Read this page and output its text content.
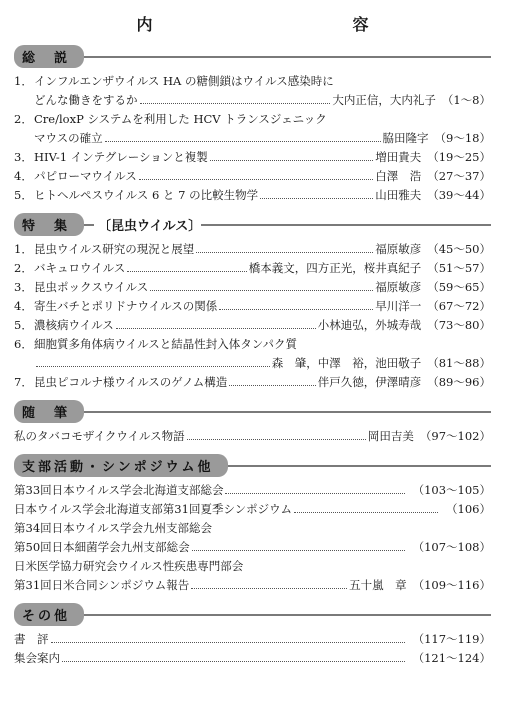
内　　容
総　説
1． インフルエンザウイルス HA の糖側鎖はウイルス感染時に
どんな働きをするか	大内正信，大内礼子 （1～8）
2． Cre/loxP システムを利用した HCV トランスジェニック
マウスの確立	脇田隆字 （9～18）
3． HIV-1 インテグレーションと複製	増田貴夫 （19～25）
4． パピローマウイルス	白澤　浩 （27～37）
5． ヒトヘルペスウイルス 6 と 7 の比較生物学	山田雅夫 （39～44）
特　集	〔昆虫ウイルス〕
1． 昆虫ウイルス研究の現況と展望	福原敏彦 （45～50）
2． バキュロウイルス	橋本義文，四方正光，桜井真紀子 （51～57）
3． 昆虫ポックスウイルス	福原敏彦 （59～65）
4． 寄生バチとポリドナウイルスの関係	早川洋一 （67～72）
5． 濃核病ウイルス	小林迪弘，外城寿哉 （73～80）
6． 細胞質多角体病ウイルスと結晶性封入体タンパク質
森　肇，中澤　裕，池田敬子 （81～88）
7． 昆虫ピコルナ様ウイルスのゲノム構造	伴戸久徳，伊澤晴彦 （89～96）
随　筆
私のタバコモザイクウイルス物語	岡田吉美 （97～102）
支部活動・シンポジウム他
第33回日本ウイルス学会北海道支部総会	（103～105）
日本ウイルス学会北海道支部第31回夏季シンポジウム	（106）
第34回日本ウイルス学会九州支部総会
第50回日本細菌学会九州支部総会	（107～108）
日米医学協力研究会ウイルス性疾患専門部会
第31回日米合同シンポジウム報告	五十嵐　章 （109～116）
その他
書　評	（117～119）
集会案内	（121～124）
